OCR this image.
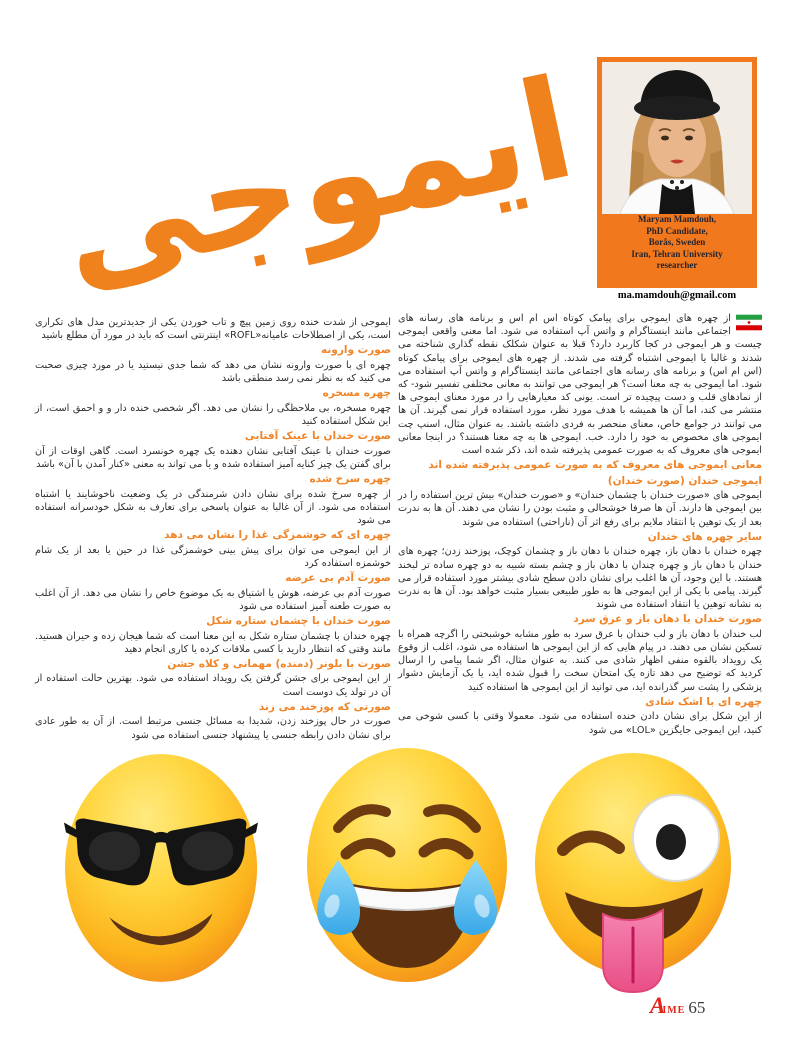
ایموجی	Maryam Mamdouh,
PhD Candidate,
Borås, Sweden
Iran, Tehran University
researcher
ma.mamdouh@gmail.com

از چهره های ایموجی برای پیامک کوتاه اس ام اس و برنامه های رسانه های اجتماعی مانند اینستاگرام و واتس آپ استفاده می شود. اما معنی واقعی ایموجی چیست و هر ایموجی در کجا کاربرد دارد؟ قبلا به عنوان شکلک نقطه گذاری شناخته می شدند و غالبا یا ایموجی اشتباه گرفته می شدند. از چهره های ایموجی برای پیامک کوتاه (اس ام اس) و برنامه های رسانه های اجتماعی مانند اینستاگرام و واتس آپ استفاده می شود. اما ایموجی به چه معنا است؟ هر ایموجی می توانند به معانی مختلفی تفسیر شود- که از نمادهای قلب و دست پیچیده تر است. یونی کد معیارهایی را در مورد معنای ایموجی ها منتشر می کند، اما آن ها همیشه با هدف مورد نظر، مورد استفاده قرار نمی گیرند. آن ها می توانند در جوامع خاص، معنای منحصر به فردی داشته باشند. به عنوان مثال، اسنپ چت ایموجی های مخصوص به خود را دارد. خب. ایموجی ها به چه معنا هستند؟ در اینجا معانی ایموجی های معروف که به صورت عمومی پذیرفته شده اند، ذکر شده است

معانی ایموجی های معروف که به صورت عمومی پذیرفته شده اند
ایموجی خندان (صورت خندان)

ایموجی های «صورت خندان با چشمان خندان» و «صورت خندان» بیش ترین استفاده را در بین ایموجی ها دارند. آن ها صرفا خوشحالی و مثبت بودن را نشان می دهند. آن ها به ندرت بعد از یک توهین یا انتقاد ملایم برای رفع اثر آن (ناراحتی) استفاده می شوند

سایر چهره های خندان

چهره خندان با دهان باز، چهره خندان با دهان باز و چشمان کوچک، پوزخند زدن؛ چهره های خندان با دهان باز و چهره چندان با دهان باز و چشم بسته شبیه به دو چهره ساده تر لبخند هستند. با این وجود، آن ها اغلب برای نشان دادن سطح شادی بیشتر مورد استفاده قرار می گیرند. پیامی با یکی از این ایموجی ها به طور طبیعی بسیار مثبت خواهد بود. آن ها به ندرت به نشانه توهین یا انتقاد استفاده می شوند

صورت خندان با دهان باز و عرق سرد

لب خندان با دهان باز و لب خندان با عرق سرد به طور مشابه خوشبختی را اگرچه همراه با تسکین نشان می دهند. در پیام هایی که از این ایموجی ها استفاده می شود، اغلب از وقوع یک رویداد بالقوه منفی اظهار شادی می کنند. به عنوان مثال، اگر شما پیامی را ارسال کردید که توضیح می دهد تازه یک امتحان سخت را قبول شده اید، یا یک آزمایش دشوار پزشکی را پشت سر گذرانده اید، می توانید از این ایموجی ها استفاده کنید

چهره ای با اشک شادی

از این شکل برای نشان دادن خنده استفاده می شود. معمولا وقتی با کسی شوخی می کنید، این ایموجی جایگزین «LOL» می شود

ایموجی از شدت خنده روی زمین پیچ و تاب خوردن یکی از جدیدترین مدل های تکراری است، یکی از اصطلاحات عامیانه«ROFL» اینترنتی است که باید در مورد آن مطلع باشید

صورت وارونه

چهره ای با صورت وارونه نشان می دهد که شما جدی نیستید یا در مورد چیزی صحبت می کنید که به نظر نمی رسد منطقی باشد

چهره مسخره

چهره مسخره، بی ملاحظگی را نشان می دهد. اگر شخصی خنده دار و و احمق است، از این شکل استفاده کنید

صورت خندان با عینک آفتابی

صورت خندان با عینک آفتابی نشان دهنده یک چهره خونسرد است. گاهی اوقات از آن برای گفتن یک چیز کنایه آمیز استفاده شده و یا می تواند به معنی «کنار آمدن با آن» باشد

چهره سرخ شده

از چهره سرخ شده برای نشان دادن شرمندگی در یک وضعیت ناخوشایند یا اشتباه استفاده می شود. از آن غالبا به عنوان پاسخی برای تعارف به شکل خودسرانه استفاده می شود

چهره ای که خوشمزگی غذا را نشان می دهد

از این ایموجی می توان برای پیش بینی خوشمزگی غذا در حین یا بعد از یک شام خوشمزه استفاده کرد

صورت آدم بی عرضه

صورت آدم بی عرضه، هوش یا اشتیاق به یک موضوع خاص را نشان می دهد. از آن اغلب به صورت طعنه آمیز استفاده می شود

صورت خندان با چشمان ستاره شکل

چهره خندان با چشمان ستاره شکل به این معنا است که شما هیجان زده و حیران هستید. مانند وقتی که انتظار دارید با کسی ملاقات کرده یا کاری انجام دهید

صورت با بلونر (دمنده) مهمانی و کلاه جشن

از این ایموجی برای جشن گرفتن یک رویداد استفاده می شود. بهترین حالت استفاده از آن در تولد یک دوست است

صورتی که پوزخند می زند

صورت در حال پوزخند زدن، شدیدا به مسائل جنسی مرتبط است. از آن به طور عادی برای نشان دادن رابطه جنسی یا پیشنهاد جنسی استفاده می شود

A IME 65
